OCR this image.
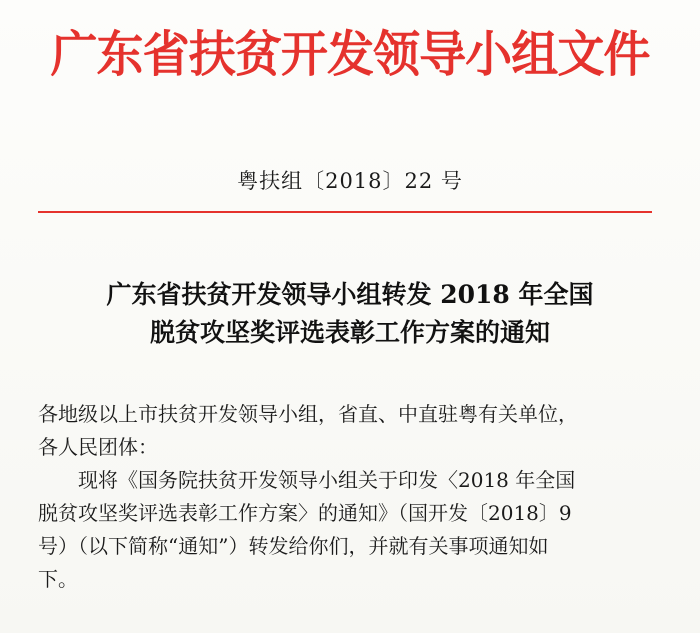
广东省扶贫开发领导小组文件
粤扶组〔2018〕22 号
广东省扶贫开发领导小组转发 2018 年全国
脱贫攻坚奖评选表彰工作方案的通知
各地级以上市扶贫开发领导小组，省直、中直驻粤有关单位，
各人民团体：
现将《国务院扶贫开发领导小组关于印发〈2018 年全国
脱贫攻坚奖评选表彰工作方案〉的通知》（国开发〔2018〕9
号）（以下简称“通知”）转发给你们，并就有关事项通知如
下。
